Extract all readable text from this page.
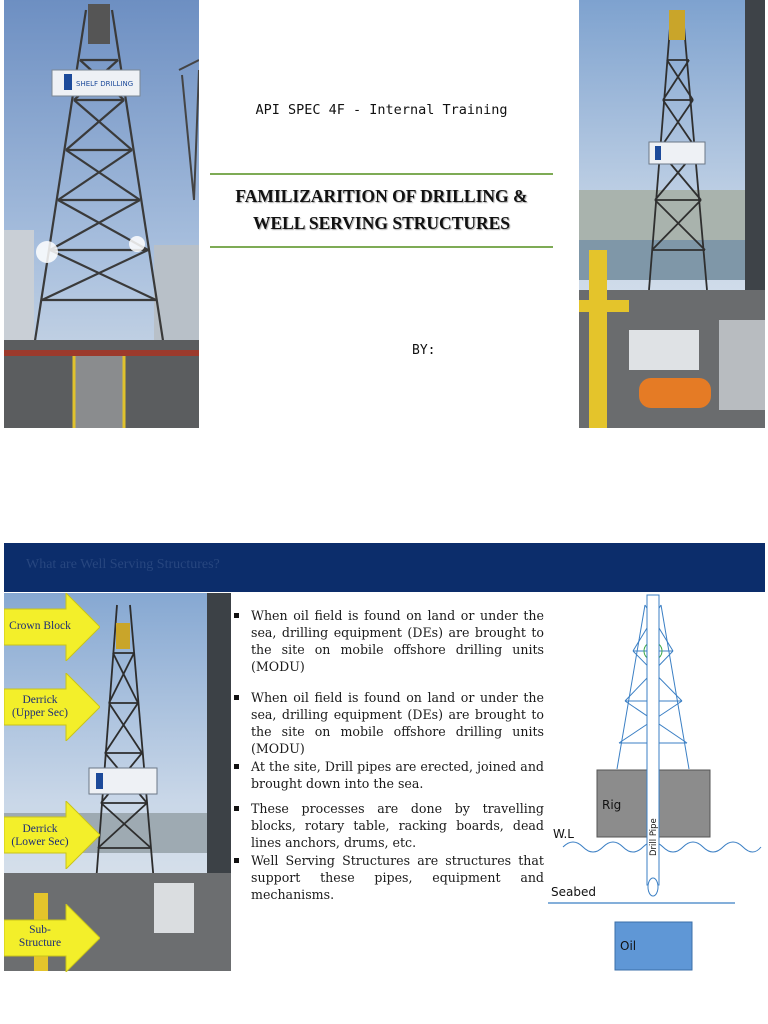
SHELF DRILLING
API SPEC 4F - Internal Training
FAMILIZARITION OF DRILLING &
WELL SERVING STRUCTURES
BY:
What are Well Serving Structures?
Crown Block
Derrick
(Upper Sec)
Derrick
(Lower Sec)
Sub-
Structure
When oil field is found on land or under the sea, drilling equipment (DEs) are brought to the site on mobile offshore drilling units (MODU)
When oil field is found on land or under the sea, drilling equipment (DEs) are brought to the site on mobile offshore drilling units (MODU)
At the site, Drill pipes are erected, joined and brought down into the sea.
These processes are done by travelling blocks, rotary table, racking boards, dead lines anchors, drums, etc.
Well Serving Structures are structures that support these pipes, equipment and mechanisms.
Rig
W.L	Drill Pipe
Seabed
Oil
